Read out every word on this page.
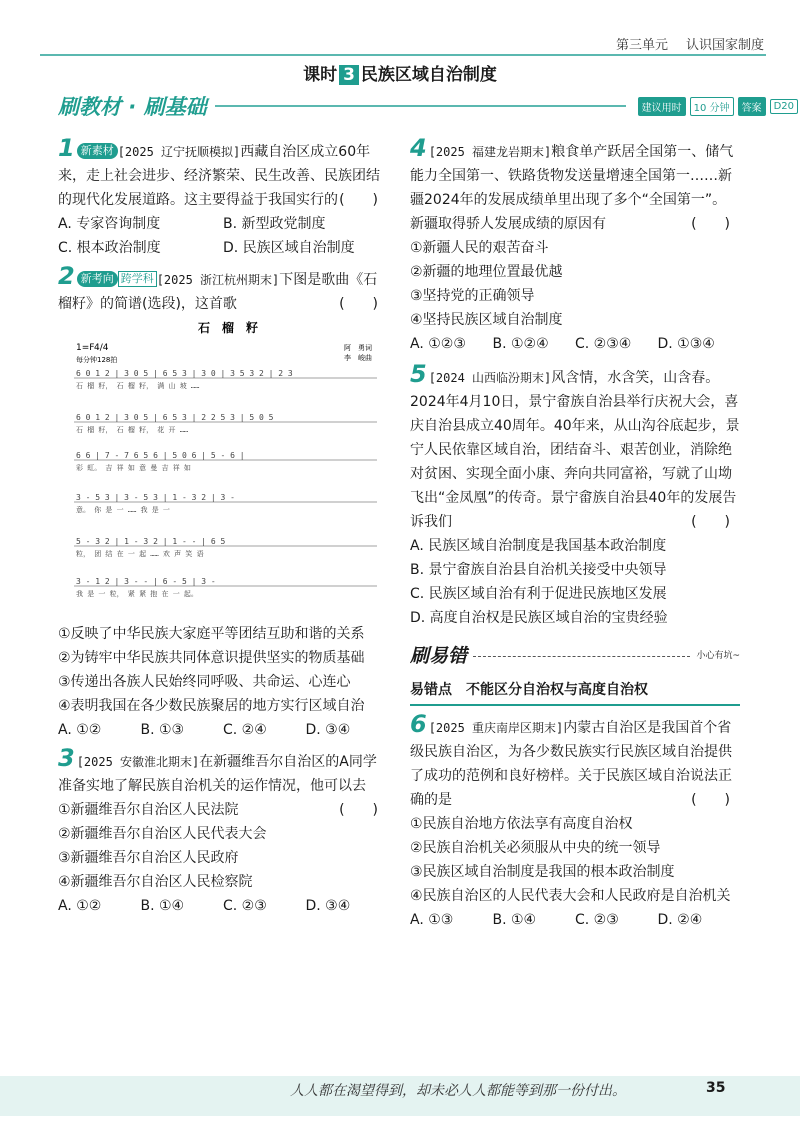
第三单元 认识国家制度
课时 3 民族区域自治制度
刷教材 · 刷基础	建议用时	10 分钟	答案	D20
1 新素材 [2025 辽宁抚顺模拟]西藏自治区成立60年来，走上社会进步、经济繁荣、民生改善、民族团结的现代化发展道路。这主要得益于我国实行的 (　　)
A. 专家咨询制度	B. 新型政党制度
C. 根本政治制度	D. 民族区域自治制度
2 新考向 跨学科 [2025 浙江杭州期末]下图是歌曲《石榴籽》的简谱(选段)，这首歌	(　　)

石　榴　籽
1=F 4/4
每分钟128拍
阿　勇词
李　峻曲
6 0 1 2 | 3 0 5 | 6 5 3 | 3 0 | 3 5 3 2 | 2 3
石 榴 籽， 石 榴 籽， 满 山 坡 ……
6 0 1 2 | 3 0 5 | 6 5 3 | 2 2 5 3 | 5 0 5
石 榴 籽， 石 榴 籽， 花 开 ……
6 6 | 7 - 7 6 5 6 | 5 0 6 | 5 - 6 |
彩 虹。 吉 祥 如 意 曼 吉 祥 如
3 - 5 3 | 3 - 5 3 | 1 - 3 2 | 3 -
意。 你 是 一 …… 我 是 一
5 - 3 2 | 1 - 3 2 | 1 - - | 6 5
粒， 团 结 在 一 起 …… 欢 声 笑 语
3 - 1 2 | 3 - - | 6 - 5 | 3 -
我 是 一 粒， 紧 紧 抱 在 一 起。
①反映了中华民族大家庭平等团结互助和谐的关系
②为铸牢中华民族共同体意识提供坚实的物质基础
③传递出各族人民始终同呼吸、共命运、心连心
④表明我国在各少数民族聚居的地方实行区域自治
A. ①②	B. ①③	C. ②④	D. ③④
3 [2025 安徽淮北期末]在新疆维吾尔自治区的A同学准备实地了解民族自治机关的运作情况，他可以去
(　　)
①新疆维吾尔自治区人民法院
②新疆维吾尔自治区人民代表大会
③新疆维吾尔自治区人民政府
④新疆维吾尔自治区人民检察院
A. ①②	B. ①④	C. ②③	D. ③④
4 [2025 福建龙岩期末]粮食单产跃居全国第一、储气能力全国第一、铁路货物发送量增速全国第一……新疆2024年的发展成绩单里出现了多个“全国第一”。新疆取得骄人发展成绩的原因有	(　　)
①新疆人民的艰苦奋斗
②新疆的地理位置最优越
③坚持党的正确领导
④坚持民族区域自治制度
A. ①②③	B. ①②④	C. ②③④	D. ①③④
5 [2024 山西临汾期末]风含情，水含笑，山含春。2024年4月10日，景宁畲族自治县举行庆祝大会，喜庆自治县成立40周年。40年来，从山沟谷底起步，景宁人民依靠区域自治，团结奋斗、艰苦创业，消除绝对贫困、实现全面小康、奔向共同富裕，写就了山坳飞出“金凤凰”的传奇。景宁畲族自治县40年的发展告诉我们	(　　)
A. 民族区域自治制度是我国基本政治制度
B. 景宁畲族自治县自治机关接受中央领导
C. 民族区域自治有利于促进民族地区发展
D. 高度自治权是民族区域自治的宝贵经验
刷易错	小心有坑~
易错点　不能区分自治权与高度自治权
6 [2025 重庆南岸区期末]内蒙古自治区是我国首个省级民族自治区，为各少数民族实行民族区域自治提供了成功的范例和良好榜样。关于民族区域自治说法正确的是	(　　)
①民族自治地方依法享有高度自治权
②民族自治机关必须服从中央的统一领导
③民族区域自治制度是我国的根本政治制度
④民族自治区的人民代表大会和人民政府是自治机关
A. ①③	B. ①④	C. ②③	D. ②④
人人都在渴望得到，却未必人人都能等到那一份付出。	35
